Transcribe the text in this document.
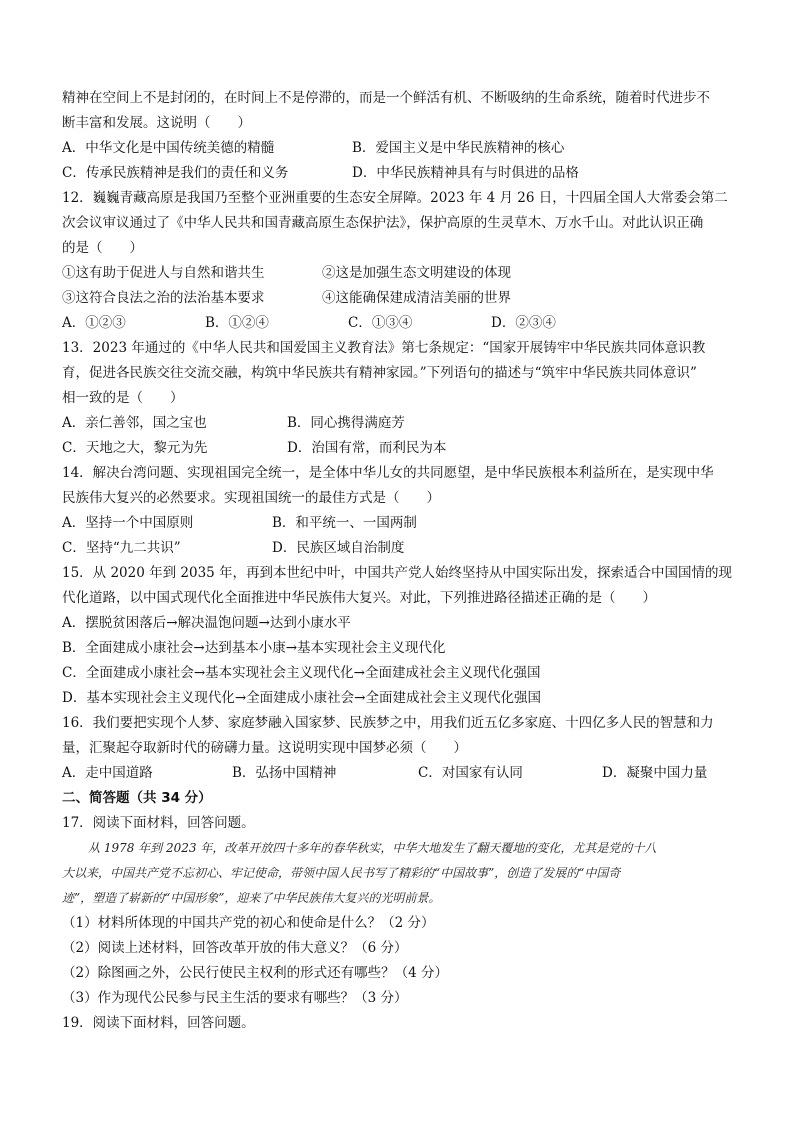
精神在空间上不是封闭的，在时间上不是停滞的，而是一个鲜活有机、不断吸纳的生命系统，随着时代进步不
断丰富和发展。这说明（　　）
A．中华文化是中国传统美德的精髓	B．爱国主义是中华民族精神的核心
C．传承民族精神是我们的责任和义务	D．中华民族精神具有与时俱进的品格
12．巍巍青藏高原是我国乃至整个亚洲重要的生态安全屏障。2023 年 4 月 26 日，十四届全国人大常委会第二
次会议审议通过了《中华人民共和国青藏高原生态保护法》，保护高原的生灵草木、万水千山。对此认识正确
的是（　　）
①这有助于促进人与自然和谐共生	②这是加强生态文明建设的体现
③这符合良法之治的法治基本要求	④这能确保建成清洁美丽的世界
A．①②③	B．①②④	C．①③④	D．②③④
13．2023 年通过的《中华人民共和国爱国主义教育法》第七条规定：“国家开展铸牢中华民族共同体意识教
育，促进各民族交往交流交融，构筑中华民族共有精神家园。”下列语句的描述与“筑牢中华民族共同体意识”
相一致的是（　　）
A．亲仁善邻，国之宝也	B．同心携得满庭芳
C．天地之大，黎元为先	D．治国有常，而利民为本
14．解决台湾问题、实现祖国完全统一，是全体中华儿女的共同愿望，是中华民族根本利益所在，是实现中华
民族伟大复兴的必然要求。实现祖国统一的最佳方式是（　　）
A．坚持一个中国原则	B．和平统一、一国两制
C．坚持“九二共识”	D．民族区域自治制度
15．从 2020 年到 2035 年，再到本世纪中叶，中国共产党人始终坚持从中国实际出发，探索适合中国国情的现
代化道路，以中国式现代化全面推进中华民族伟大复兴。对此，下列推进路径描述正确的是（　　）
A．摆脱贫困落后→解决温饱问题→达到小康水平
B．全面建成小康社会→达到基本小康→基本实现社会主义现代化
C．全面建成小康社会→基本实现社会主义现代化→全面建成社会主义现代化强国
D．基本实现社会主义现代化→全面建成小康社会→全面建成社会主义现代化强国
16．我们要把实现个人梦、家庭梦融入国家梦、民族梦之中，用我们近五亿多家庭、十四亿多人民的智慧和力
量，汇聚起夺取新时代的磅礴力量。这说明实现中国梦必须（　　）
A．走中国道路	B．弘扬中国精神	C．对国家有认同	D．凝聚中国力量
二、简答题（共 34 分）
17．阅读下面材料，回答问题。
从 1978 年到 2023 年，改革开放四十多年的春华秋实，中华大地发生了翻天覆地的变化，尤其是党的十八
大以来，中国共产党不忘初心、牢记使命，带领中国人民书写了精彩的“中国故事”，创造了发展的“中国奇
迹”，塑造了崭新的“中国形象”，迎来了中华民族伟大复兴的光明前景。
（1）材料所体现的中国共产党的初心和使命是什么？（2 分）
（2）阅读上述材料，回答改革开放的伟大意义？（6 分）
（2）除图画之外，公民行使民主权利的形式还有哪些？（4 分）
（3）作为现代公民参与民主生活的要求有哪些？（3 分）
19．阅读下面材料，回答问题。
